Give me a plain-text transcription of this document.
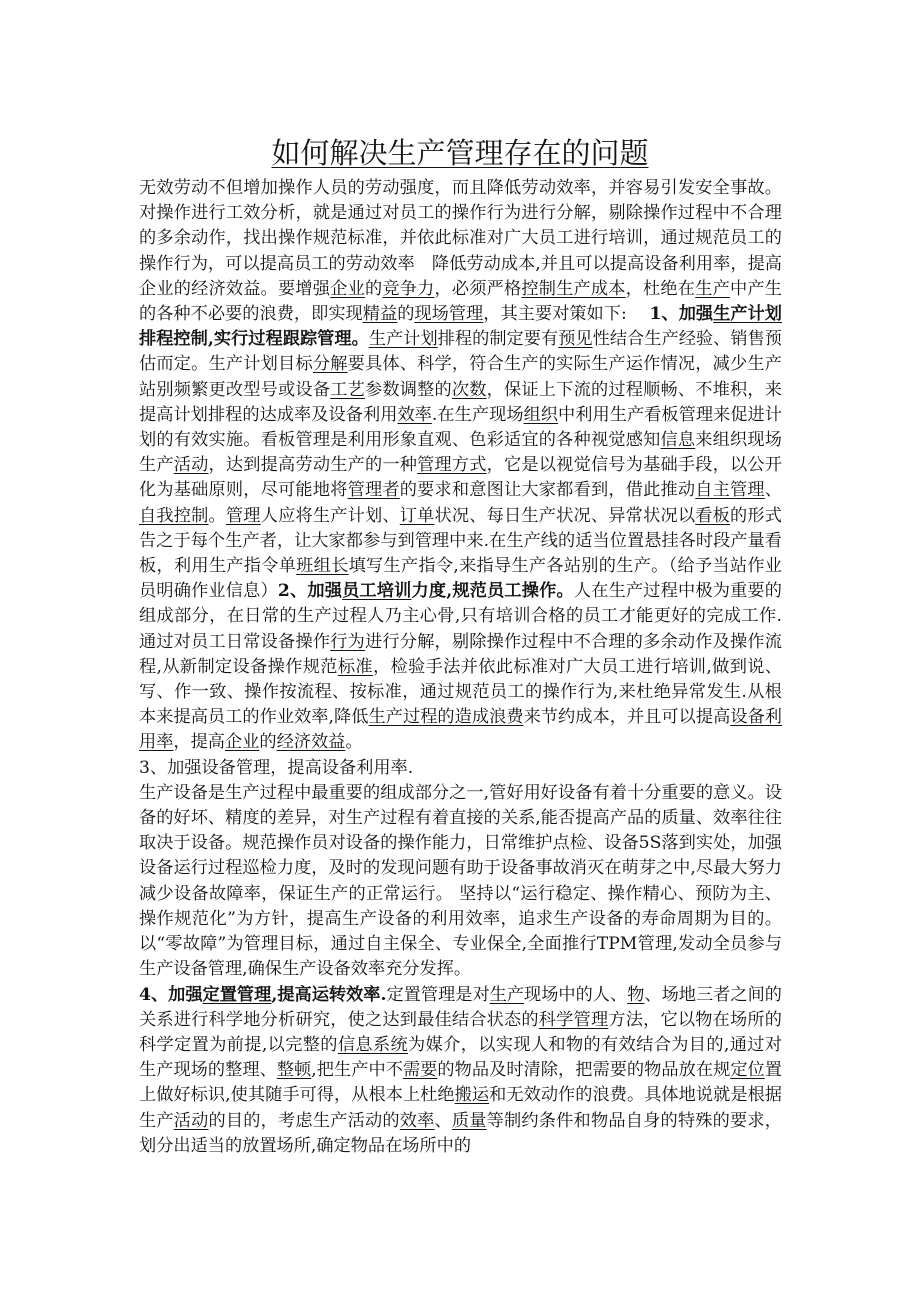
如何解决生产管理存在的问题

无效劳动不但增加操作人员的劳动强度，而且降低劳动效率，并容易引发安全事故。对操作进行工效分析，就是通过对员工的操作行为进行分解，剔除操作过程中不合理的多余动作，找出操作规范标准，并依此标准对广大员工进行培训，通过规范员工的操作行为，可以提高员工的劳动效率　降低劳动成本,并且可以提高设备利用率，提高企业的经济效益。要增强企业的竞争力，必须严格控制生产成本，杜绝在生产中产生的各种不必要的浪费，即实现精益的现场管理，其主要对策如下:　 1、加强生产计划排程控制,实行过程跟踪管理。生产计划排程的制定要有预见性结合生产经验、销售预估而定。生产计划目标分解要具体、科学，符合生产的实际生产运作情况，减少生产站别频繁更改型号或设备工艺参数调整的次数，保证上下流的过程顺畅、不堆积，来提高计划排程的达成率及设备利用效率.在生产现场组织中利用生产看板管理来促进计划的有效实施。看板管理是利用形象直观、色彩适宜的各种视觉感知信息来组织现场生产活动，达到提高劳动生产的一种管理方式，它是以视觉信号为基础手段，以公开化为基础原则，尽可能地将管理者的要求和意图让大家都看到，借此推动自主管理、自我控制。管理人应将生产计划、订单状况、每日生产状况、异常状况以看板的形式告之于每个生产者，让大家都参与到管理中来.在生产线的适当位置悬挂各时段产量看板，利用生产指令单班组长填写生产指令,来指导生产各站别的生产。（给予当站作业员明确作业信息）2、加强员工培训力度,规范员工操作。人在生产过程中极为重要的组成部分，在日常的生产过程人乃主心骨,只有培训合格的员工才能更好的完成工作.通过对员工日常设备操作行为进行分解，剔除操作过程中不合理的多余动作及操作流程,从新制定设备操作规范标准，检验手法并依此标准对广大员工进行培训,做到说、写、作一致、操作按流程、按标准，通过规范员工的操作行为,来杜绝异常发生.从根本来提高员工的作业效率,降低生产过程的造成浪费来节约成本，并且可以提高设备利用率，提高企业的经济效益。

3、加强设备管理，提高设备利用率.

生产设备是生产过程中最重要的组成部分之一,管好用好设备有着十分重要的意义。设备的好坏、精度的差异，对生产过程有着直接的关系,能否提高产品的质量、效率往往取决于设备。规范操作员对设备的操作能力，日常维护点检、设备5S落到实处，加强设备运行过程巡检力度，及时的发现问题有助于设备事故消灭在萌芽之中,尽最大努力减少设备故障率，保证生产的正常运行。 坚持以“运行稳定、操作精心、预防为主、操作规范化”为方针，提高生产设备的利用效率，追求生产设备的寿命周期为目的。以“零故障”为管理目标，通过自主保全、专业保全,全面推行TPM管理,发动全员参与生产设备管理,确保生产设备效率充分发挥。

4、加强定置管理,提高运转效率.定置管理是对生产现场中的人、物、场地三者之间的关系进行科学地分析研究，使之达到最佳结合状态的科学管理方法，它以物在场所的科学定置为前提,以完整的信息系统为媒介，以实现人和物的有效结合为目的,通过对生产现场的整理、整顿,把生产中不需要的物品及时清除，把需要的物品放在规定位置上做好标识,使其随手可得，从根本上杜绝搬运和无效动作的浪费。具体地说就是根据生产活动的目的，考虑生产活动的效率、质量等制约条件和物品自身的特殊的要求，划分出适当的放置场所,确定物品在场所中的
